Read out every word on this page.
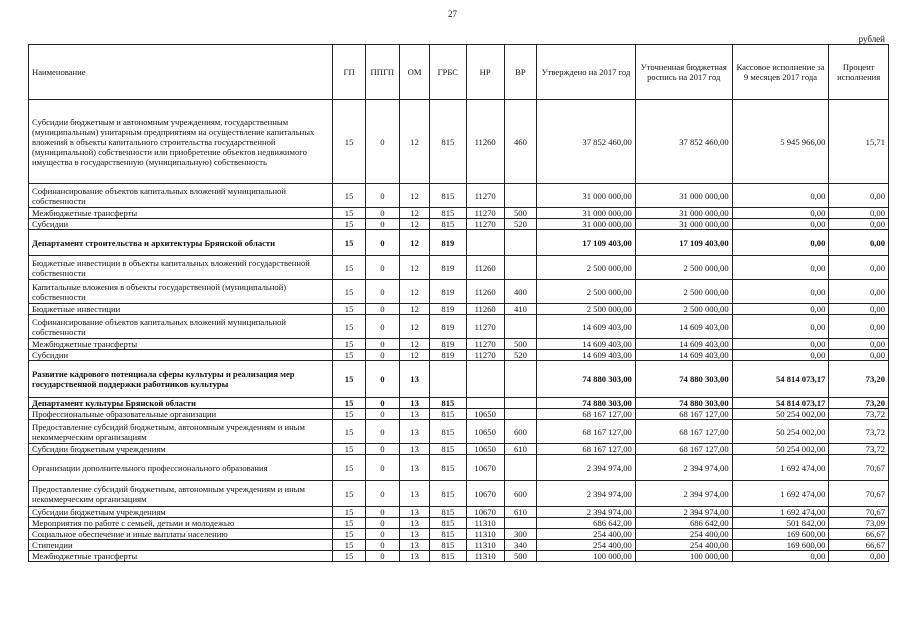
27
рублей
Наименование	ГП	ППГП	ОМ	ГРБС	НР	ВР	Утверждено на 2017 год	Уточненная бюджетная роспись на 2017 год	Кассовое исполнение за 9 месяцев 2017 года	Процент исполнения
Субсидии бюджетным и автономным учреждениям, государственным (муниципальным) унитарным предприятиям на осуществление капитальных вложений в объекты капитального строительства государственной (муниципальной) собственности или приобретение объектов недвижимого имущества в государственную (муниципальную) собственность	15	0	12	815	11260	460	37 852 460,00	37 852 460,00	5 945 966,00	15,71
Софинансирование объектов капитальных вложений муниципальной собственности	15	0	12	815	11270		31 000 000,00	31 000 000,00	0,00	0,00
Межбюджетные трансферты	15	0	12	815	11270	500	31 000 000,00	31 000 000,00	0,00	0,00
Субсидии	15	0	12	815	11270	520	31 000 000,00	31 000 000,00	0,00	0,00
Департамент строительства и архитектуры Брянской области	15	0	12	819			17 109 403,00	17 109 403,00	0,00	0,00
Бюджетные инвестиции в объекты капитальных вложений государственной собственности	15	0	12	819	11260		2 500 000,00	2 500 000,00	0,00	0,00
Капитальные вложения в объекты государственной (муниципальной) собственности	15	0	12	819	11260	400	2 500 000,00	2 500 000,00	0,00	0,00
Бюджетные инвестиции	15	0	12	819	11260	410	2 500 000,00	2 500 000,00	0,00	0,00
Софинансирование объектов капитальных вложений муниципальной собственности	15	0	12	819	11270		14 609 403,00	14 609 403,00	0,00	0,00
Межбюджетные трансферты	15	0	12	819	11270	500	14 609 403,00	14 609 403,00	0,00	0,00
Субсидии	15	0	12	819	11270	520	14 609 403,00	14 609 403,00	0,00	0,00
Развитие кадрового потенциала сферы культуры и реализация мер государственной поддержки работников культуры	15	0	13				74 880 303,00	74 880 303,00	54 814 073,17	73,20
Департамент культуры Брянской области	15	0	13	815			74 880 303,00	74 880 303,00	54 814 073,17	73,20
Профессиональные образовательные организации	15	0	13	815	10650		68 167 127,00	68 167 127,00	50 254 002,00	73,72
Предоставление субсидий бюджетным, автономным учреждениям и иным некоммерческим организациям	15	0	13	815	10650	600	68 167 127,00	68 167 127,00	50 254 002,00	73,72
Субсидии бюджетным учреждениям	15	0	13	815	10650	610	68 167 127,00	68 167 127,00	50 254 002,00	73,72
Организации дополнительного профессионального образования	15	0	13	815	10670		2 394 974,00	2 394 974,00	1 692 474,00	70,67
Предоставление субсидий бюджетным, автономным учреждениям и иным некоммерческим организациям	15	0	13	815	10670	600	2 394 974,00	2 394 974,00	1 692 474,00	70,67
Субсидии бюджетным учреждениям	15	0	13	815	10670	610	2 394 974,00	2 394 974,00	1 692 474,00	70,67
Мероприятия по работе с семьей, детьми и молодежью	15	0	13	815	11310		686 642,00	686 642,00	501 842,00	73,09
Социальное обеспечение и иные выплаты населению	15	0	13	815	11310	300	254 400,00	254 400,00	169 600,00	66,67
Стипендии	15	0	13	815	11310	340	254 400,00	254 400,00	169 600,00	66,67
Межбюджетные трансферты	15	0	13	815	11310	500	100 000,00	100 000,00	0,00	0,00
